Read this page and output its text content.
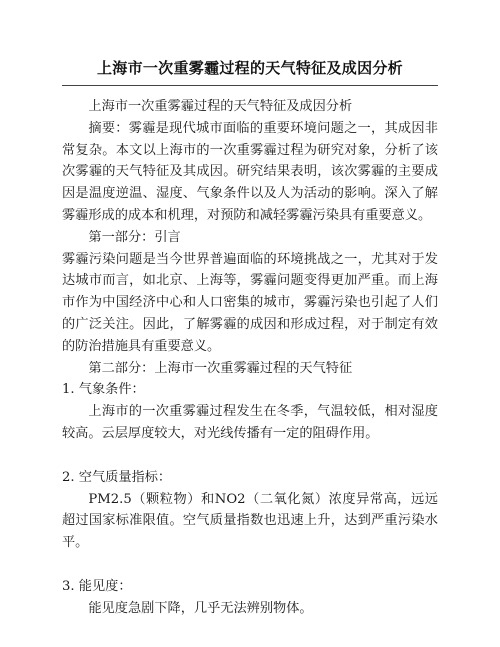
上海市一次重雾霾过程的天气特征及成因分析

上海市一次重雾霾过程的天气特征及成因分析

摘要：雾霾是现代城市面临的重要环境问题之一，其成因非常复杂。本文以上海市的一次重雾霾过程为研究对象，分析了该次雾霾的天气特征及其成因。研究结果表明，该次雾霾的主要成因是温度逆温、湿度、气象条件以及人为活动的影响。深入了解雾霾形成的成本和机理，对预防和减轻雾霾污染具有重要意义。

第一部分：引言

雾霾污染问题是当今世界普遍面临的环境挑战之一，尤其对于发达城市而言，如北京、上海等，雾霾问题变得更加严重。而上海市作为中国经济中心和人口密集的城市，雾霾污染也引起了人们的广泛关注。因此，了解雾霾的成因和形成过程，对于制定有效的防治措施具有重要意义。

第二部分：上海市一次重雾霾过程的天气特征

1. 气象条件：

上海市的一次重雾霾过程发生在冬季，气温较低，相对湿度较高。云层厚度较大，对光线传播有一定的阻碍作用。

2. 空气质量指标：

PM2.5（颗粒物）和NO2（二氧化氮）浓度异常高，远远超过国家标准限值。空气质量指数也迅速上升，达到严重污染水平。

3. 能见度：

能见度急剧下降，几乎无法辨别物体。
